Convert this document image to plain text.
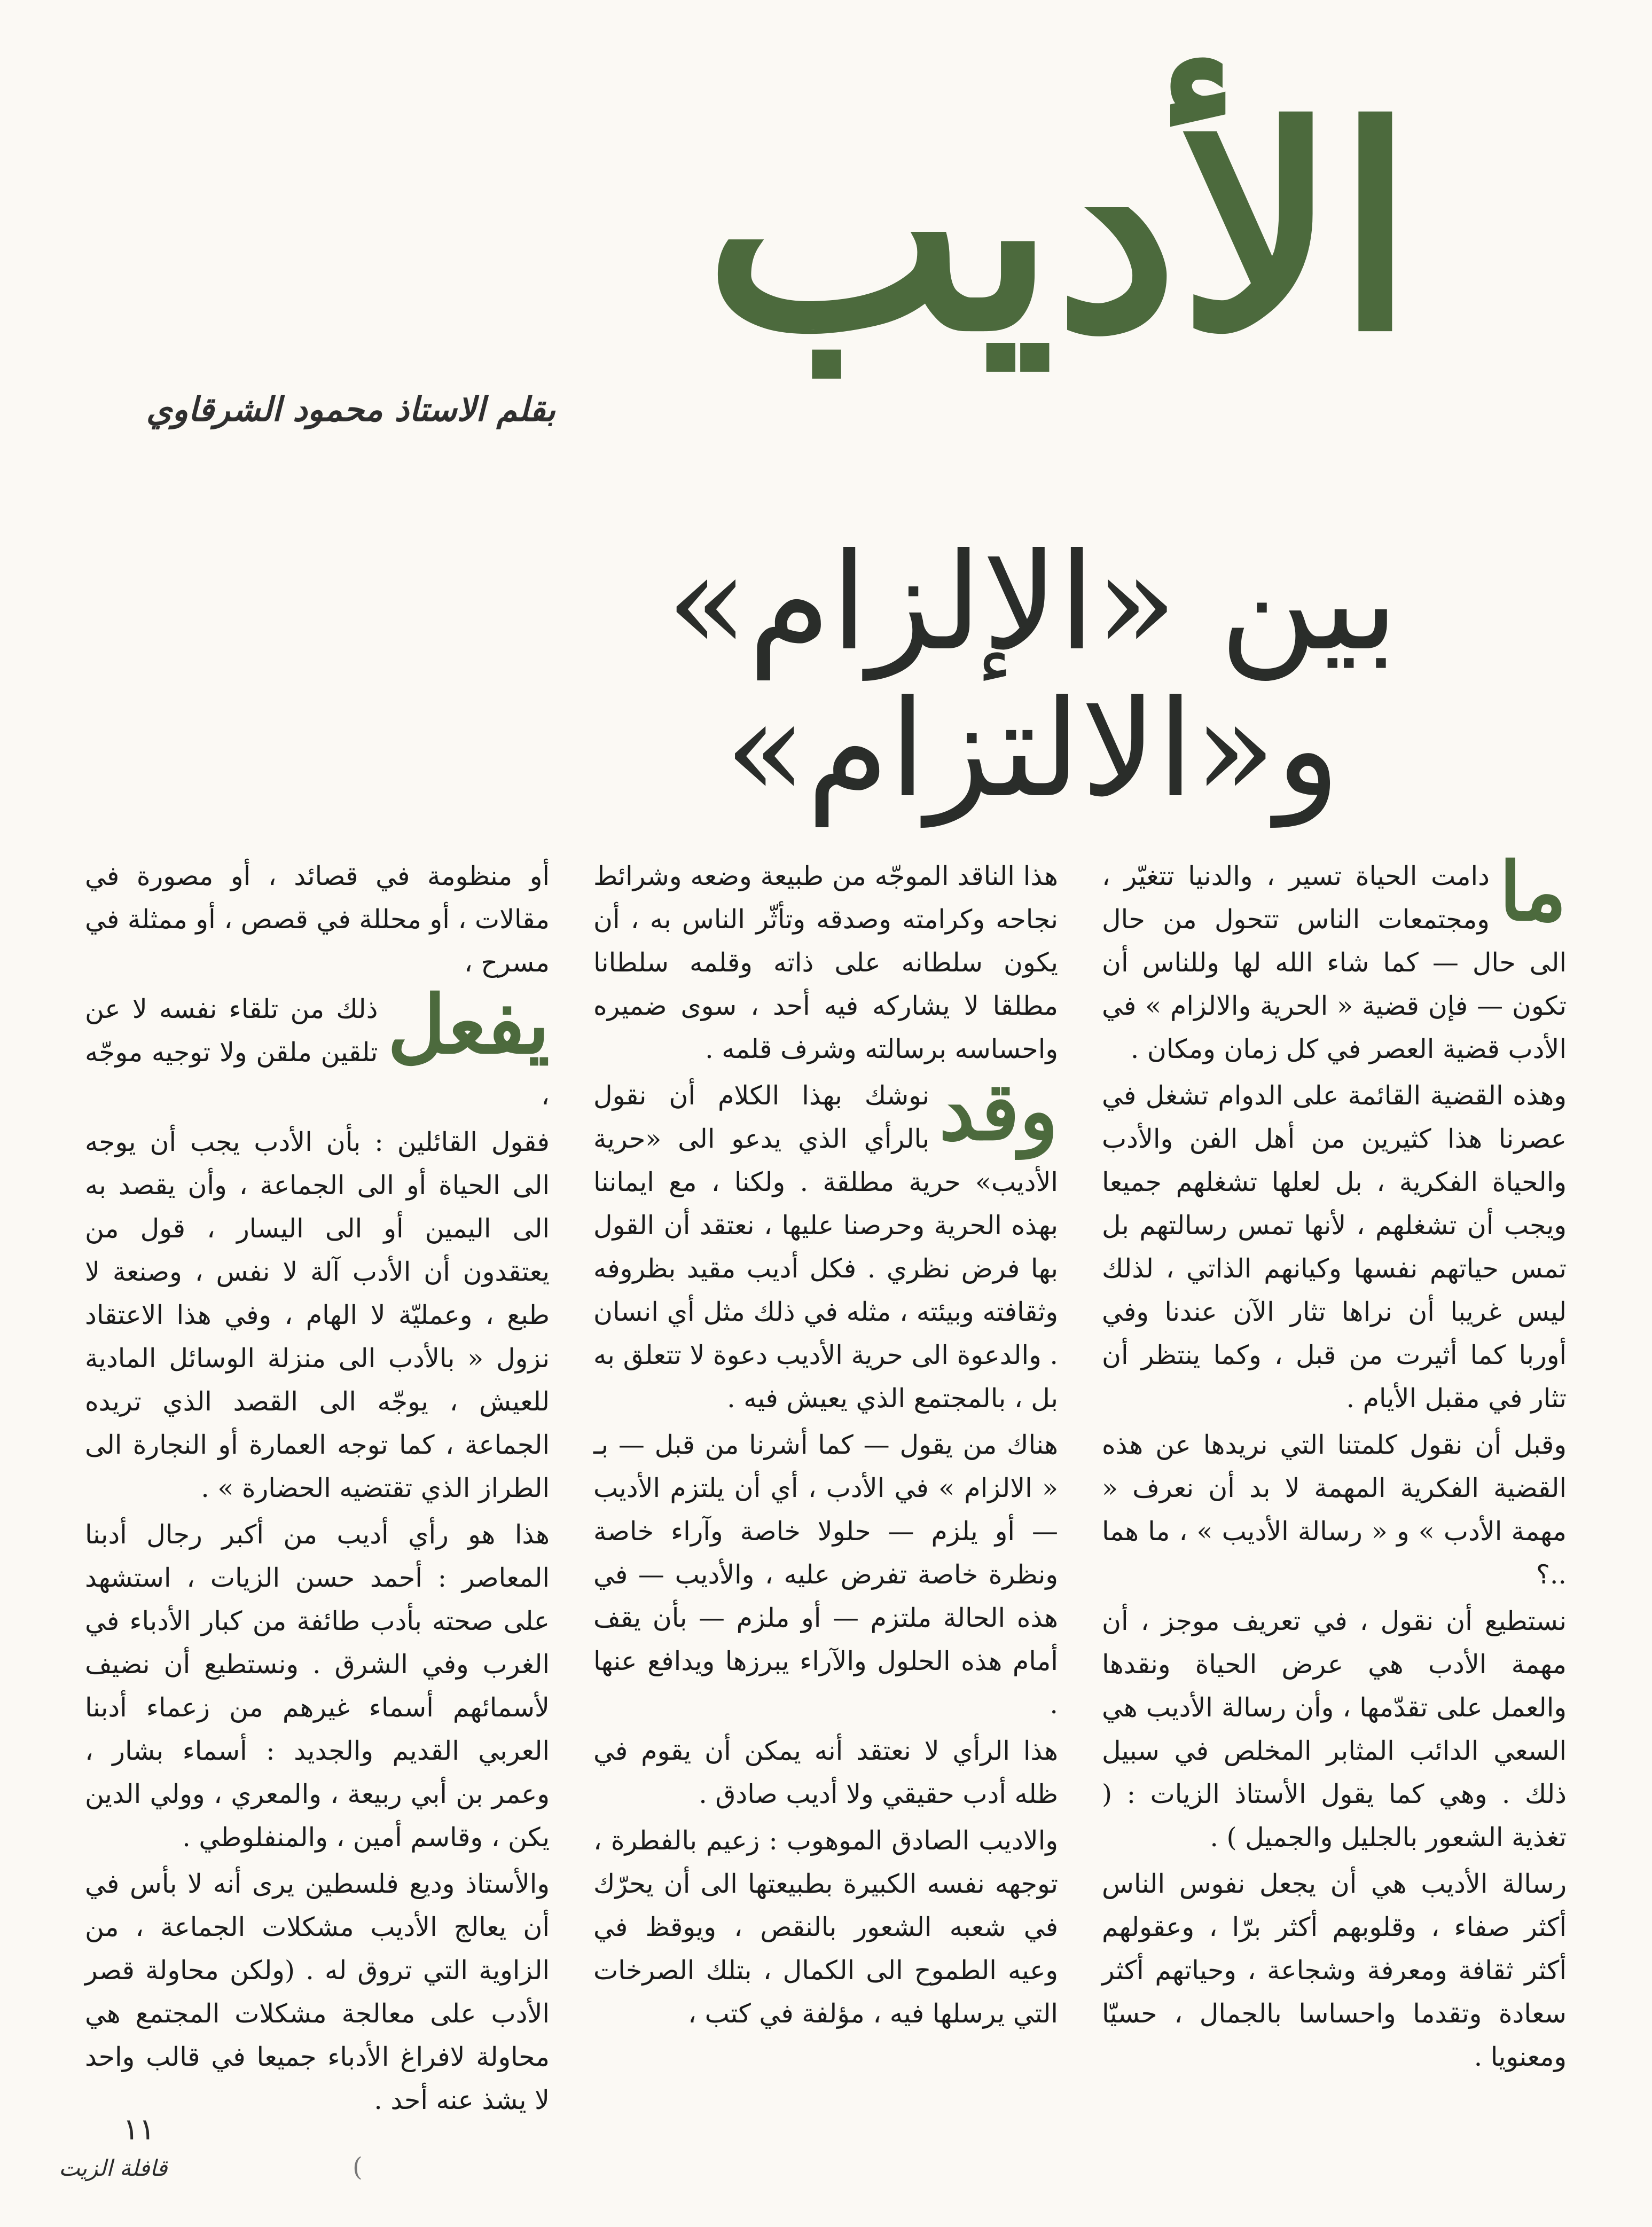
الأديب
بقلم الاستاذ محمود الشرقاوي
بين «الإلزام» و«الالتزام»

ما
دامت الحياة تسير ، والدنيا تتغيّر ، ومجتمعات الناس تتحول من حال الى حال — كما شاء الله لها وللناس أن تكون — فإن قضية « الحرية والالزام » في الأدب قضية العصر في كل زمان ومكان .

وهذه القضية القائمة على الدوام تشغل في عصرنا هذا كثيرين من أهل الفن والأدب والحياة الفكرية ، بل لعلها تشغلهم جميعا ويجب أن تشغلهم ، لأنها تمس رسالتهم بل تمس حياتهم نفسها وكيانهم الذاتي ، لذلك ليس غريبا أن نراها تثار الآن عندنا وفي أوربا كما أثيرت من قبل ، وكما ينتظر أن تثار في مقبل الأيام .

وقبل أن نقول كلمتنا التي نريدها عن هذه القضية الفكرية المهمة لا بد أن نعرف « مهمة الأدب » و « رسالة الأديب » ، ما هما ..؟

نستطيع أن نقول ، في تعريف موجز ، أن مهمة الأدب هي عرض الحياة ونقدها والعمل على تقدّمها ، وأن رسالة الأديب هي السعي الدائب المثابر المخلص في سبيل ذلك . وهي كما يقول الأستاذ الزيات : ( تغذية الشعور بالجليل والجميل ) .

رسالة الأديب هي أن يجعل نفوس الناس أكثر صفاء ، وقلوبهم أكثر برّا ، وعقولهم أكثر ثقافة ومعرفة وشجاعة ، وحياتهم أكثر سعادة وتقدما واحساسا بالجمال ، حسيّا ومعنويا .

هذا الناقد الموجّه من طبيعة وضعه وشرائط نجاحه وكرامته وصدقه وتأثّر الناس به ، أن يكون سلطانه على ذاته وقلمه سلطانا مطلقا لا يشاركه فيه أحد ، سوى ضميره واحساسه برسالته وشرف قلمه .

وقد
نوشك بهذا الكلام أن نقول بالرأي الذي يدعو الى «حرية الأديب» حرية مطلقة . ولكنا ، مع ايماننا بهذه الحرية وحرصنا عليها ، نعتقد أن القول بها فرض نظري . فكل أديب مقيد بظروفه وثقافته وبيئته ، مثله في ذلك مثل أي انسان . والدعوة الى حرية الأديب دعوة لا تتعلق به بل ، بالمجتمع الذي يعيش فيه .

هناك من يقول — كما أشرنا من قبل — بـ « الالزام » في الأدب ، أي أن يلتزم الأديب — أو يلزم — حلولا خاصة وآراء خاصة ونظرة خاصة تفرض عليه ، والأديب — في هذه الحالة ملتزم — أو ملزم — بأن يقف أمام هذه الحلول والآراء يبرزها ويدافع عنها .

هذا الرأي لا نعتقد أنه يمكن أن يقوم في ظله أدب حقيقي ولا أديب صادق .

والاديب الصادق الموهوب : زعيم بالفطرة ، توجهه نفسه الكبيرة بطبيعتها الى أن يحرّك في شعبه الشعور بالنقص ، ويوقظ في وعيه الطموح الى الكمال ، بتلك الصرخات التي يرسلها فيه ، مؤلفة في كتب ،

أو منظومة في قصائد ، أو مصورة في مقالات ، أو محللة في قصص ، أو ممثلة في مسرح ،

يفعل
ذلك من تلقاء نفسه لا عن تلقين ملقن ولا توجيه موجّه ،

فقول القائلين : بأن الأدب يجب أن يوجه الى الحياة أو الى الجماعة ، وأن يقصد به الى اليمين أو الى اليسار ، قول من يعتقدون أن الأدب آلة لا نفس ، وصنعة لا طبع ، وعمليّة لا الهام ، وفي هذا الاعتقاد نزول « بالأدب الى منزلة الوسائل المادية للعيش ، يوجّه الى القصد الذي تريده الجماعة ، كما توجه العمارة أو النجارة الى الطراز الذي تقتضيه الحضارة » .

هذا هو رأي أديب من أكبر رجال أدبنا المعاصر : أحمد حسن الزيات ، استشهد على صحته بأدب طائفة من كبار الأدباء في الغرب وفي الشرق . ونستطيع أن نضيف لأسمائهم أسماء غيرهم من زعماء أدبنا العربي القديم والجديد : أسماء بشار ، وعمر بن أبي ربيعة ، والمعري ، وولي الدين يكن ، وقاسم أمين ، والمنفلوطي .

والأستاذ وديع فلسطين يرى أنه لا بأس في أن يعالج الأديب مشكلات الجماعة ، من الزاوية التي تروق له . (ولكن محاولة قصر الأدب على معالجة مشكلات المجتمع هي محاولة لافراغ الأدباء جميعا في قالب واحد لا يشذ عنه أحد .

١١
قافلة الزيت	(
